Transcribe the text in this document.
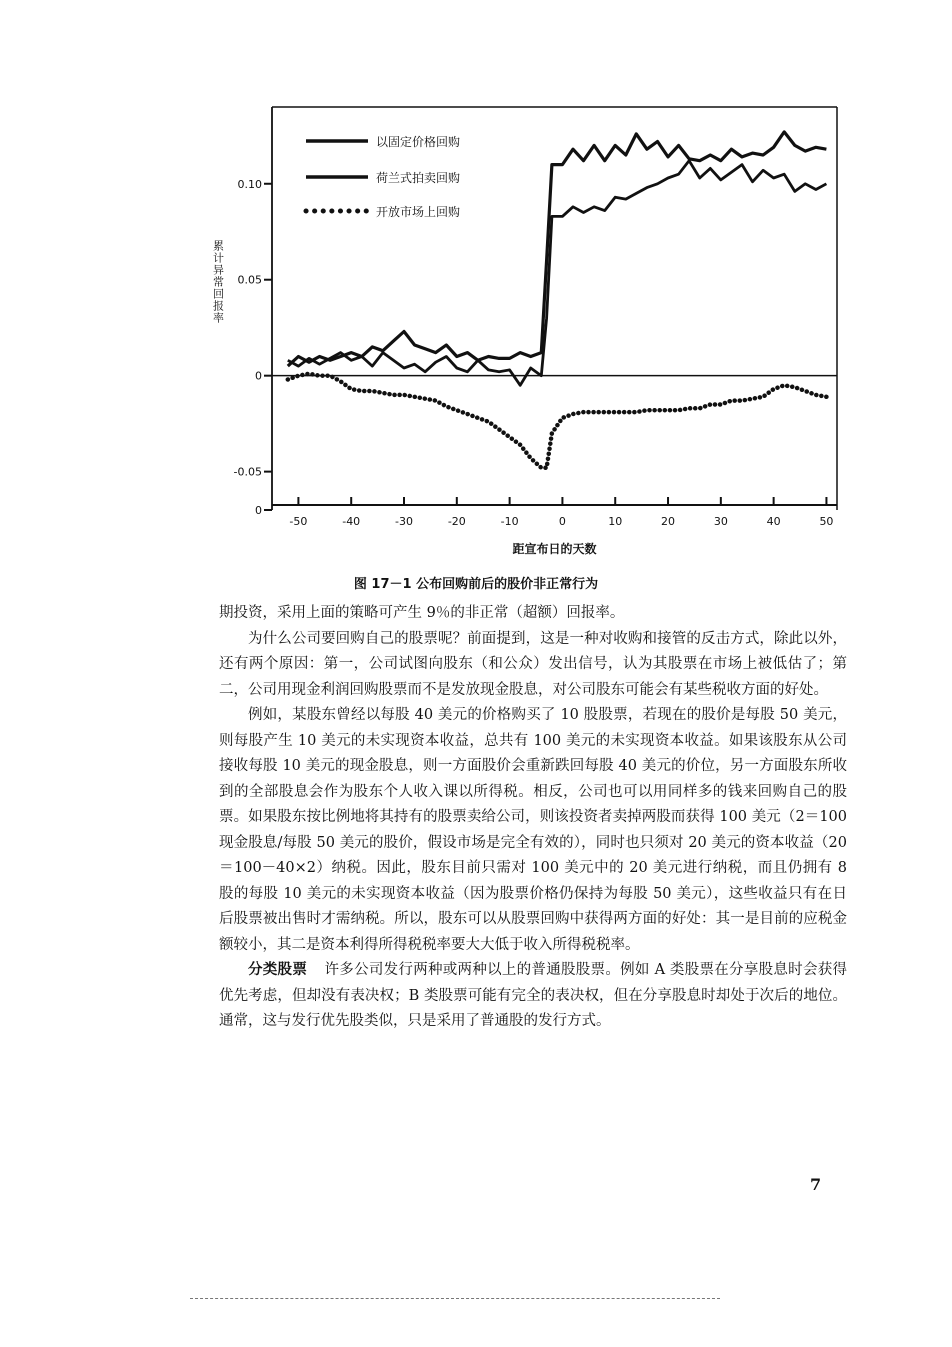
0.10
0.05
0
-0.05
0
-50	-40	-30	-20	-10	0	10	20	30	40	50
以固定价格回购
荷兰式拍卖回购
开放市场上回购
累计异常回报率
距宣布日的天数
图 17－1 公布回购前后的股价非正常行为

期投资，采用上面的策略可产生 9％的非正常（超额）回报率。

为什么公司要回购自己的股票呢？前面提到，这是一种对收购和接管的反击方式，除此以外，还有两个原因：第一，公司试图向股东（和公众）发出信号，认为其股票在市场上被低估了；第二，公司用现金利润回购股票而不是发放现金股息，对公司股东可能会有某些税收方面的好处。

例如，某股东曾经以每股 40 美元的价格购买了 10 股股票，若现在的股价是每股 50 美元，则每股产生 10 美元的未实现资本收益，总共有 100 美元的未实现资本收益。如果该股东从公司接收每股 10 美元的现金股息，则一方面股价会重新跌回每股 40 美元的价位，另一方面股东所收到的全部股息会作为股东个人收入课以所得税。相反，公司也可以用同样多的钱来回购自己的股票。如果股东按比例地将其持有的股票卖给公司，则该投资者卖掉两股而获得 100 美元（2＝100 现金股息/每股 50 美元的股价，假设市场是完全有效的），同时也只须对 20 美元的资本收益（20＝100－40×2）纳税。因此，股东目前只需对 100 美元中的 20 美元进行纳税，而且仍拥有 8 股的每股 10 美元的未实现资本收益（因为股票价格仍保持为每股 50 美元），这些收益只有在日后股票被出售时才需纳税。所以，股东可以从股票回购中获得两方面的好处：其一是目前的应税金额较小，其二是资本利得所得税税率要大大低于收入所得税税率。

分类股票 许多公司发行两种或两种以上的普通股股票。例如 A 类股票在分享股息时会获得优先考虑，但却没有表决权；B 类股票可能有完全的表决权，但在分享股息时却处于次后的地位。通常，这与发行优先股类似，只是采用了普通股的发行方式。

7
